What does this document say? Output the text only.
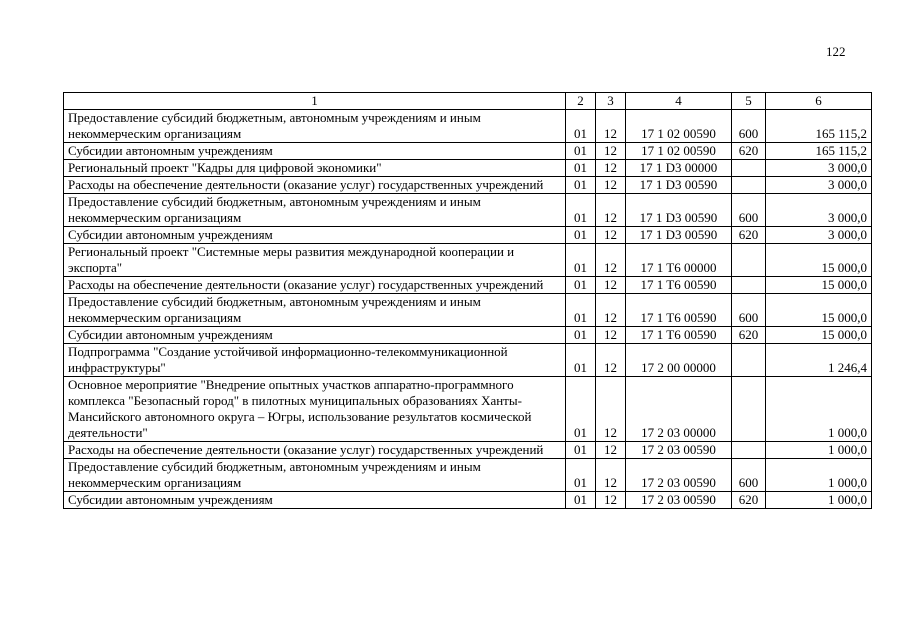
122
1	2	3	4	5	6
Предоставление субсидий бюджетным, автономным учреждениям и иным некоммерческим организациям	01	12	17 1 02 00590	600	165 115,2
Субсидии автономным учреждениям	01	12	17 1 02 00590	620	165 115,2
Региональный проект "Кадры для цифровой экономики"	01	12	17 1 D3 00000		3 000,0
Расходы на обеспечение деятельности (оказание услуг) государственных учреждений	01	12	17 1 D3 00590		3 000,0
Предоставление субсидий бюджетным, автономным учреждениям и иным некоммерческим организациям	01	12	17 1 D3 00590	600	3 000,0
Субсидии автономным учреждениям	01	12	17 1 D3 00590	620	3 000,0
Региональный проект "Системные меры развития международной кооперации и экспорта"	01	12	17 1 T6 00000		15 000,0
Расходы на обеспечение деятельности (оказание услуг) государственных учреждений	01	12	17 1 T6 00590		15 000,0
Предоставление субсидий бюджетным, автономным учреждениям и иным некоммерческим организациям	01	12	17 1 T6 00590	600	15 000,0
Субсидии автономным учреждениям	01	12	17 1 T6 00590	620	15 000,0
Подпрограмма "Создание устойчивой информационно-телекоммуникационной инфраструктуры"	01	12	17 2 00 00000		1 246,4
Основное мероприятие "Внедрение опытных участков аппаратно-программного комплекса "Безопасный город" в пилотных муниципальных образованиях Ханты-Мансийского автономного округа – Югры, использование результатов космической деятельности"	01	12	17 2 03 00000		1 000,0
Расходы на обеспечение деятельности (оказание услуг) государственных учреждений	01	12	17 2 03 00590		1 000,0
Предоставление субсидий бюджетным, автономным учреждениям и иным некоммерческим организациям	01	12	17 2 03 00590	600	1 000,0
Субсидии автономным учреждениям	01	12	17 2 03 00590	620	1 000,0
